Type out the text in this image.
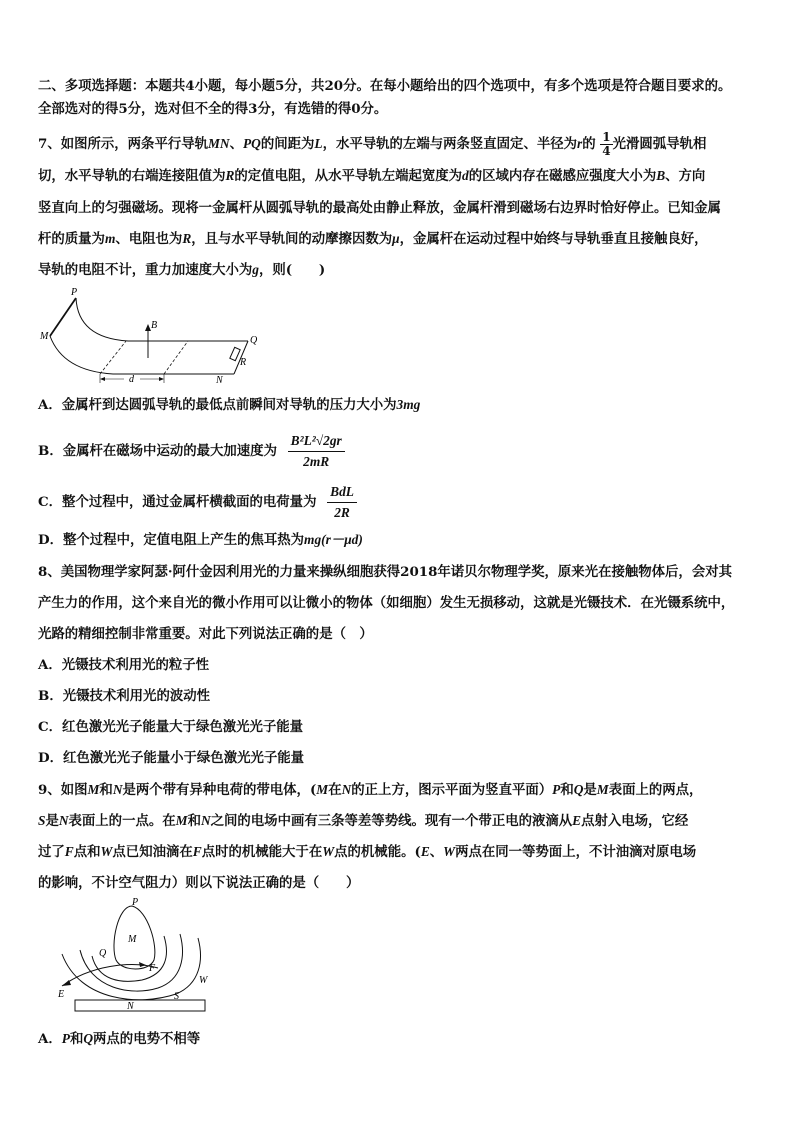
二、多项选择题：本题共4小题，每小题5分，共20分。在每小题给出的四个选项中，有多个选项是符合题目要求的。
全部选对的得5分，选对但不全的得3分，有选错的得0分。
7、如图所示，两条平行导轨MN、PQ的间距为L，水平导轨的左端与两条竖直固定、半径为r的 $\frac{1}{4}$ 光滑圆弧导轨相
切，水平导轨的右端连接阻值为R的定值电阻，从水平导轨左端起宽度为d的区域内存在磁感应强度大小为B、方向
竖直向上的匀强磁场。现将一金属杆从圆弧导轨的最高处由静止释放，金属杆滑到磁场右边界时恰好停止。已知金属
杆的质量为m、电阻也为R，且与水平导轨间的动摩擦因数为μ，金属杆在运动过程中始终与导轨垂直且接触良好，
导轨的电阻不计，重力加速度大小为g，则(　　)
P
M
B
Q
R
d	N
A．金属杆到达圆弧导轨的最低点前瞬间对导轨的压力大小为3mg
B．金属杆在磁场中运动的最大加速度为 $\frac{\text{B²L²√2gr}}{2mR}$
C．整个过程中，通过金属杆横截面的电荷量为 $\frac{\text{BdL}}{2R}$
D．整个过程中，定值电阻上产生的焦耳热为mg(r－μd)
8、美国物理学家阿瑟·阿什金因利用光的力量来操纵细胞获得2018年诺贝尔物理学奖，原来光在接触物体后，会对其
产生力的作用，这个来自光的微小作用可以让微小的物体（如细胞）发生无损移动，这就是光镊技术．在光镊系统中，
光路的精细控制非常重要。对此下列说法正确的是（　）
A．光镊技术利用光的粒子性
B．光镊技术利用光的波动性
C．红色激光光子能量大于绿色激光光子能量
D．红色激光光子能量小于绿色激光光子能量
9、如图M和N是两个带有异种电荷的带电体，(M在N的正上方，图示平面为竖直平面）P和Q是M表面上的两点，
S是N表面上的一点。在M和N之间的电场中画有三条等差等势线。现有一个带正电的液滴从E点射入电场，它经
过了F点和W点已知油滴在F点时的机械能大于在W点的机械能。(E、W两点在同一等势面上，不计油滴对原电场
的影响，不计空气阻力）则以下说法正确的是（　　）
P
M
Q
F
W
E
N
S
A．P和Q两点的电势不相等
